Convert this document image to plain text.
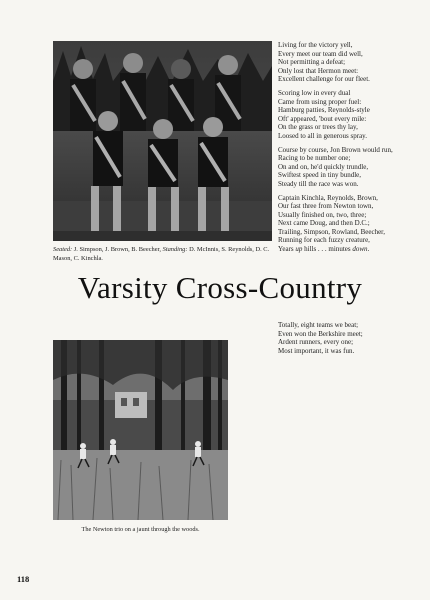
Seated: J. Simpson, J. Brown, B. Beecher, Standing: D. McInnis, S. Reynolds, D. C. Mason, C. Kinchla.
Living for the victory yell,
Every meet our team did well,
Not permitting a defeat;
Only lost that Hermon meet:
Excellent challenge for our fleet.
Scoring low in every dual
Came from using proper fuel:
Hamburg patties, Reynolds-style
Oft' appeared, 'bout every mile:
On the grass or trees thy lay,
Loosed to all in generous spray.
Course by course, Jon Brown would run,
Racing to be number one;
On and on, he'd quickly trundle,
Swiftest speed in tiny bundle,
Steady till the race was won.
Captain Kinchla, Reynolds, Brown,
Our fast three from Newton town,
Usually finished on, two, three;
Next came Doug, and then D.C.;
Trailing, Simpson, Rowland, Beecher,
Running for each fuzzy creature,
Years up hills . . . minutes down.
Varsity Cross-Country
Totally, eight teams we beat;
Even won the Berkshire meet;
Ardent runners, every one;
Most important, it was fun.
The Newton trio on a jaunt through the woods.
118
